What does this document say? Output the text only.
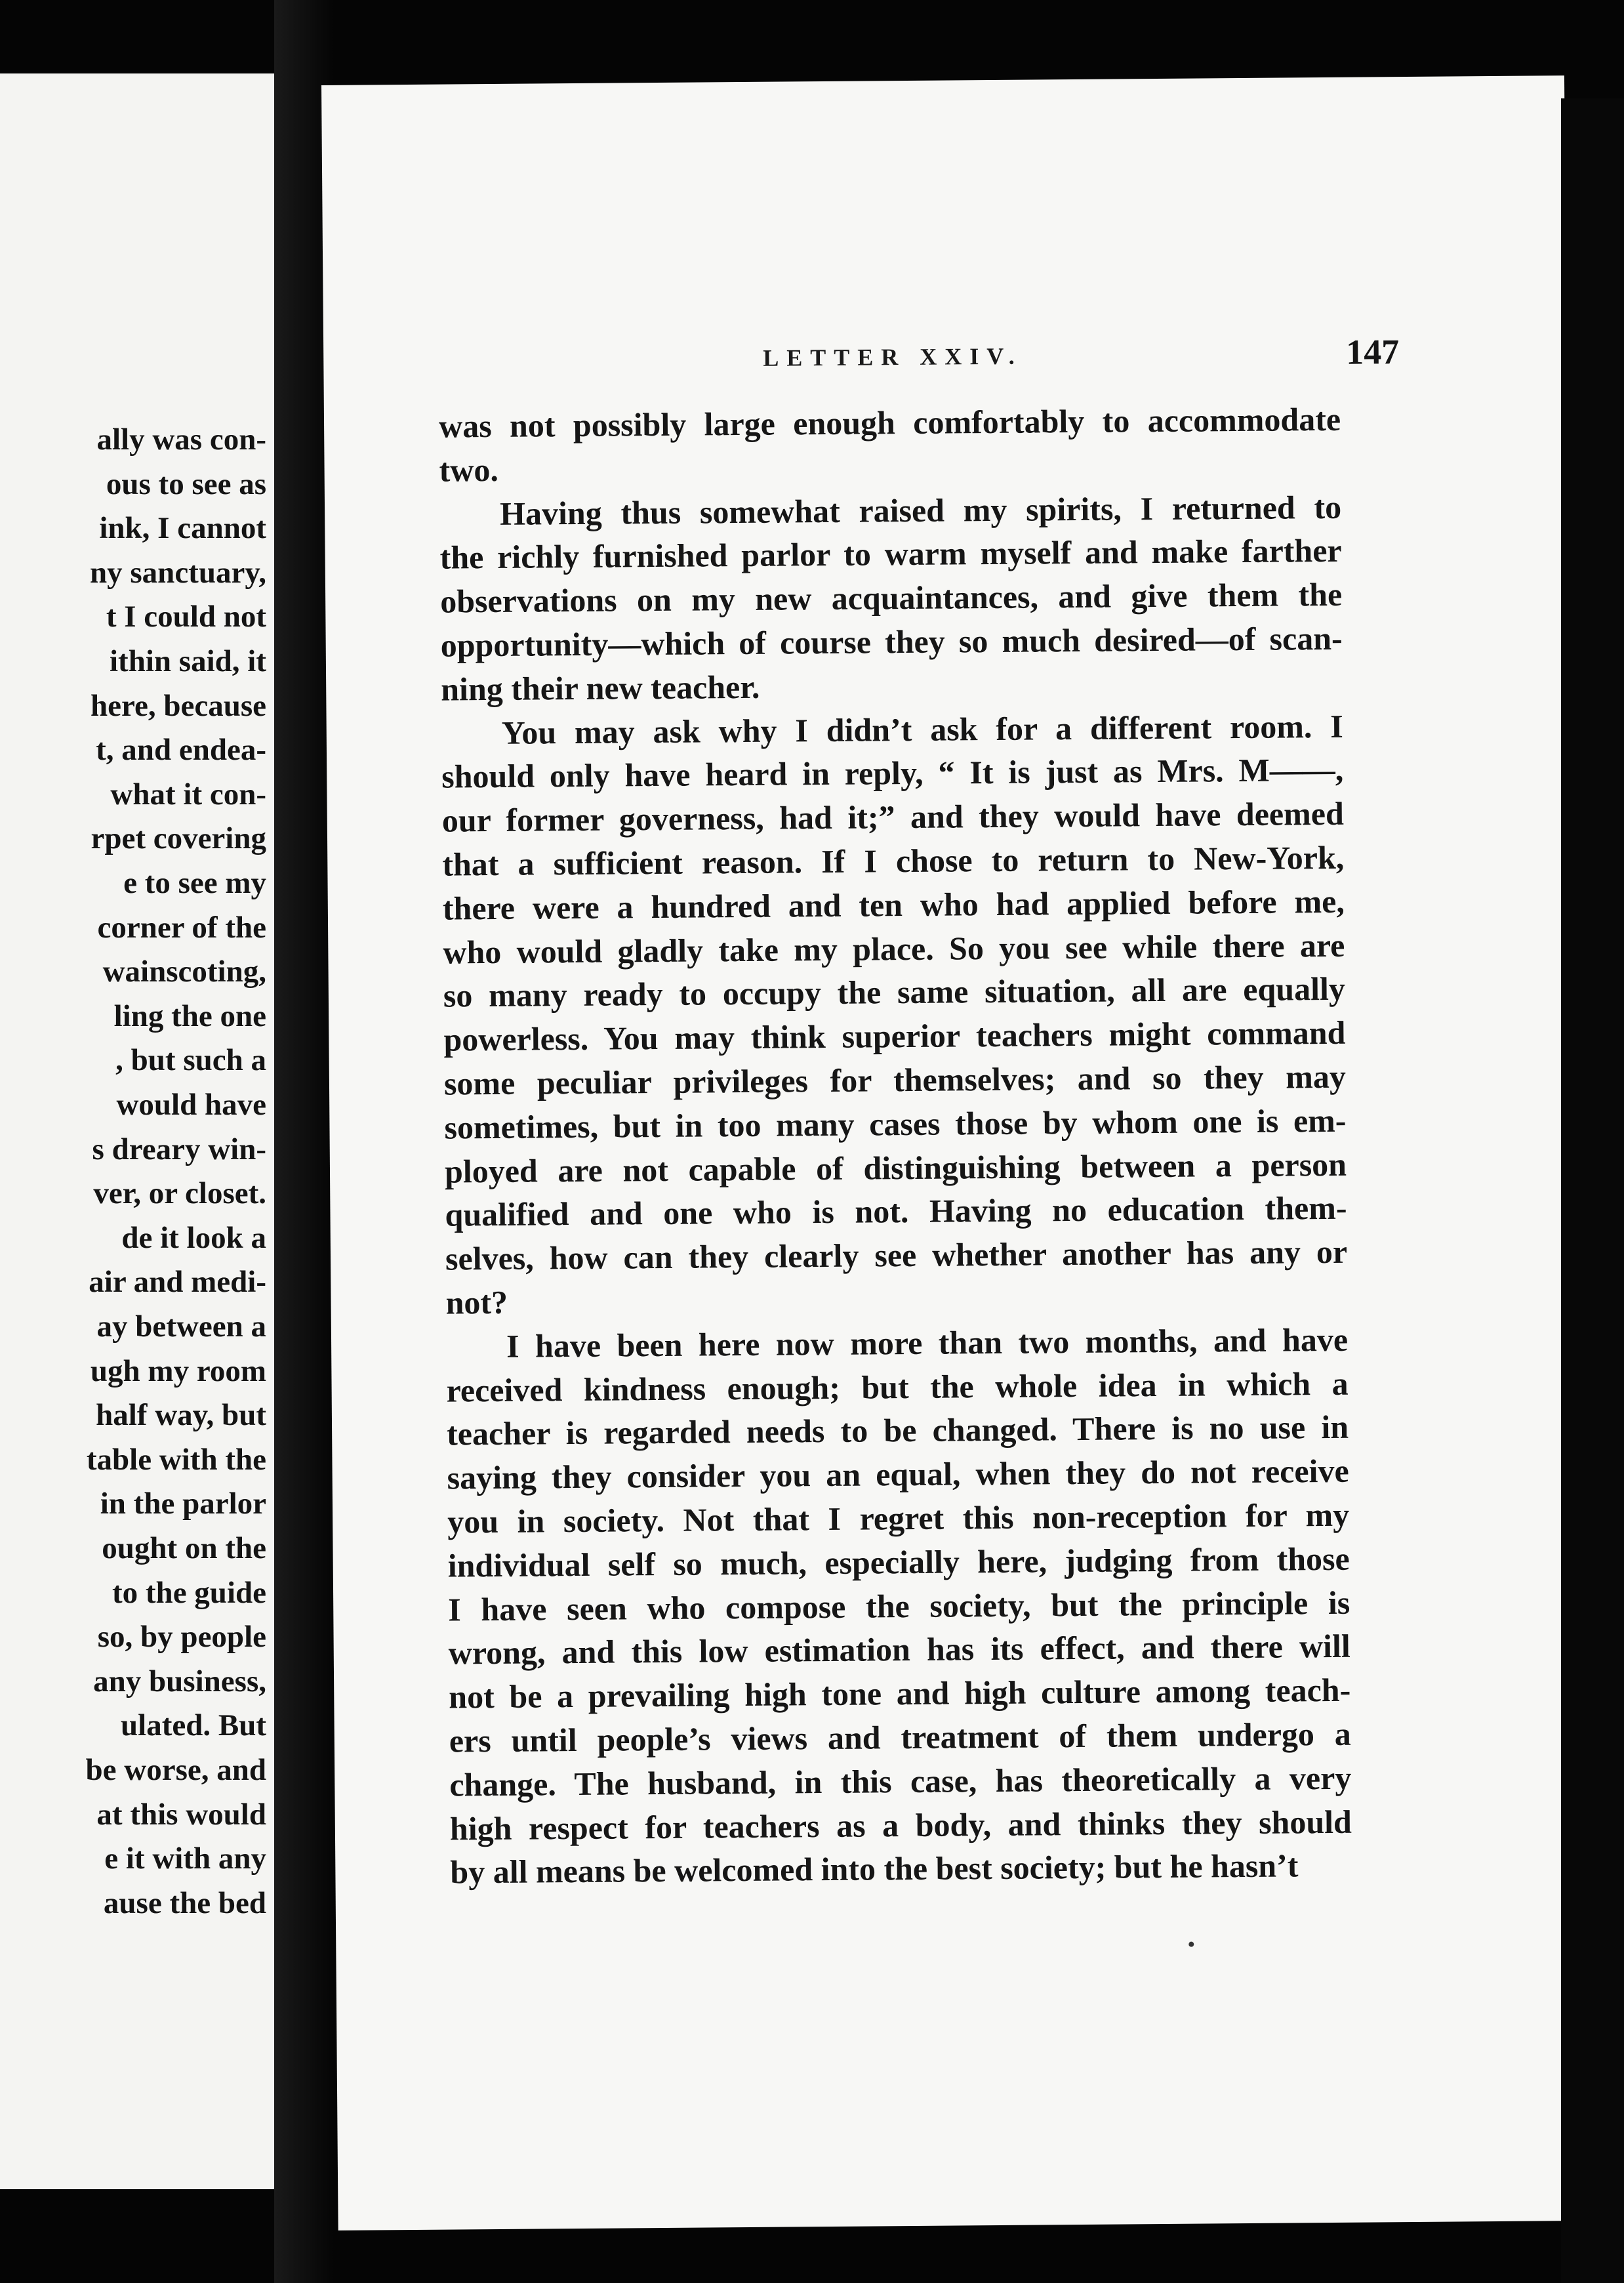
ally was con-
ous to see as
ink, I cannot
ny sanctuary,
t I could not
ithin said, it
here, because
t, and endea-
what it con-
rpet covering
e to see my
corner of the
wainscoting,
ling the one
, but such a
would have
s dreary win-
ver, or closet.
de it look a
air and medi-
ay between a
ugh my room
half way, but
table with the
in the parlor
ought on the
to the guide
so, by people
any business,
ulated. But
be worse, and
at this would
e it with any
ause the bed
LETTER XXIV.	147
was not possibly large enough comfortably to accommodate
two.
Having thus somewhat raised my spirits, I returned to
the richly furnished parlor to warm myself and make farther
observations on my new acquaintances, and give them the
opportunity—which of course they so much desired—of scan-
ning their new teacher.
You may ask why I didn’t ask for a different room. I
should only have heard in reply, “ It is just as Mrs. M——,
our former governess, had it;” and they would have deemed
that a sufficient reason. If I chose to return to New-York,
there were a hundred and ten who had applied before me,
who would gladly take my place. So you see while there are
so many ready to occupy the same situation, all are equally
powerless. You may think superior teachers might command
some peculiar privileges for themselves; and so they may
sometimes, but in too many cases those by whom one is em-
ployed are not capable of distinguishing between a person
qualified and one who is not. Having no education them-
selves, how can they clearly see whether another has any or
not?
I have been here now more than two months, and have
received kindness enough; but the whole idea in which a
teacher is regarded needs to be changed. There is no use in
saying they consider you an equal, when they do not receive
you in society. Not that I regret this non-reception for my
individual self so much, especially here, judging from those
I have seen who compose the society, but the principle is
wrong, and this low estimation has its effect, and there will
not be a prevailing high tone and high culture among teach-
ers until people’s views and treatment of them undergo a
change. The husband, in this case, has theoretically a very
high respect for teachers as a body, and thinks they should
by all means be welcomed into the best society; but he hasn’t
